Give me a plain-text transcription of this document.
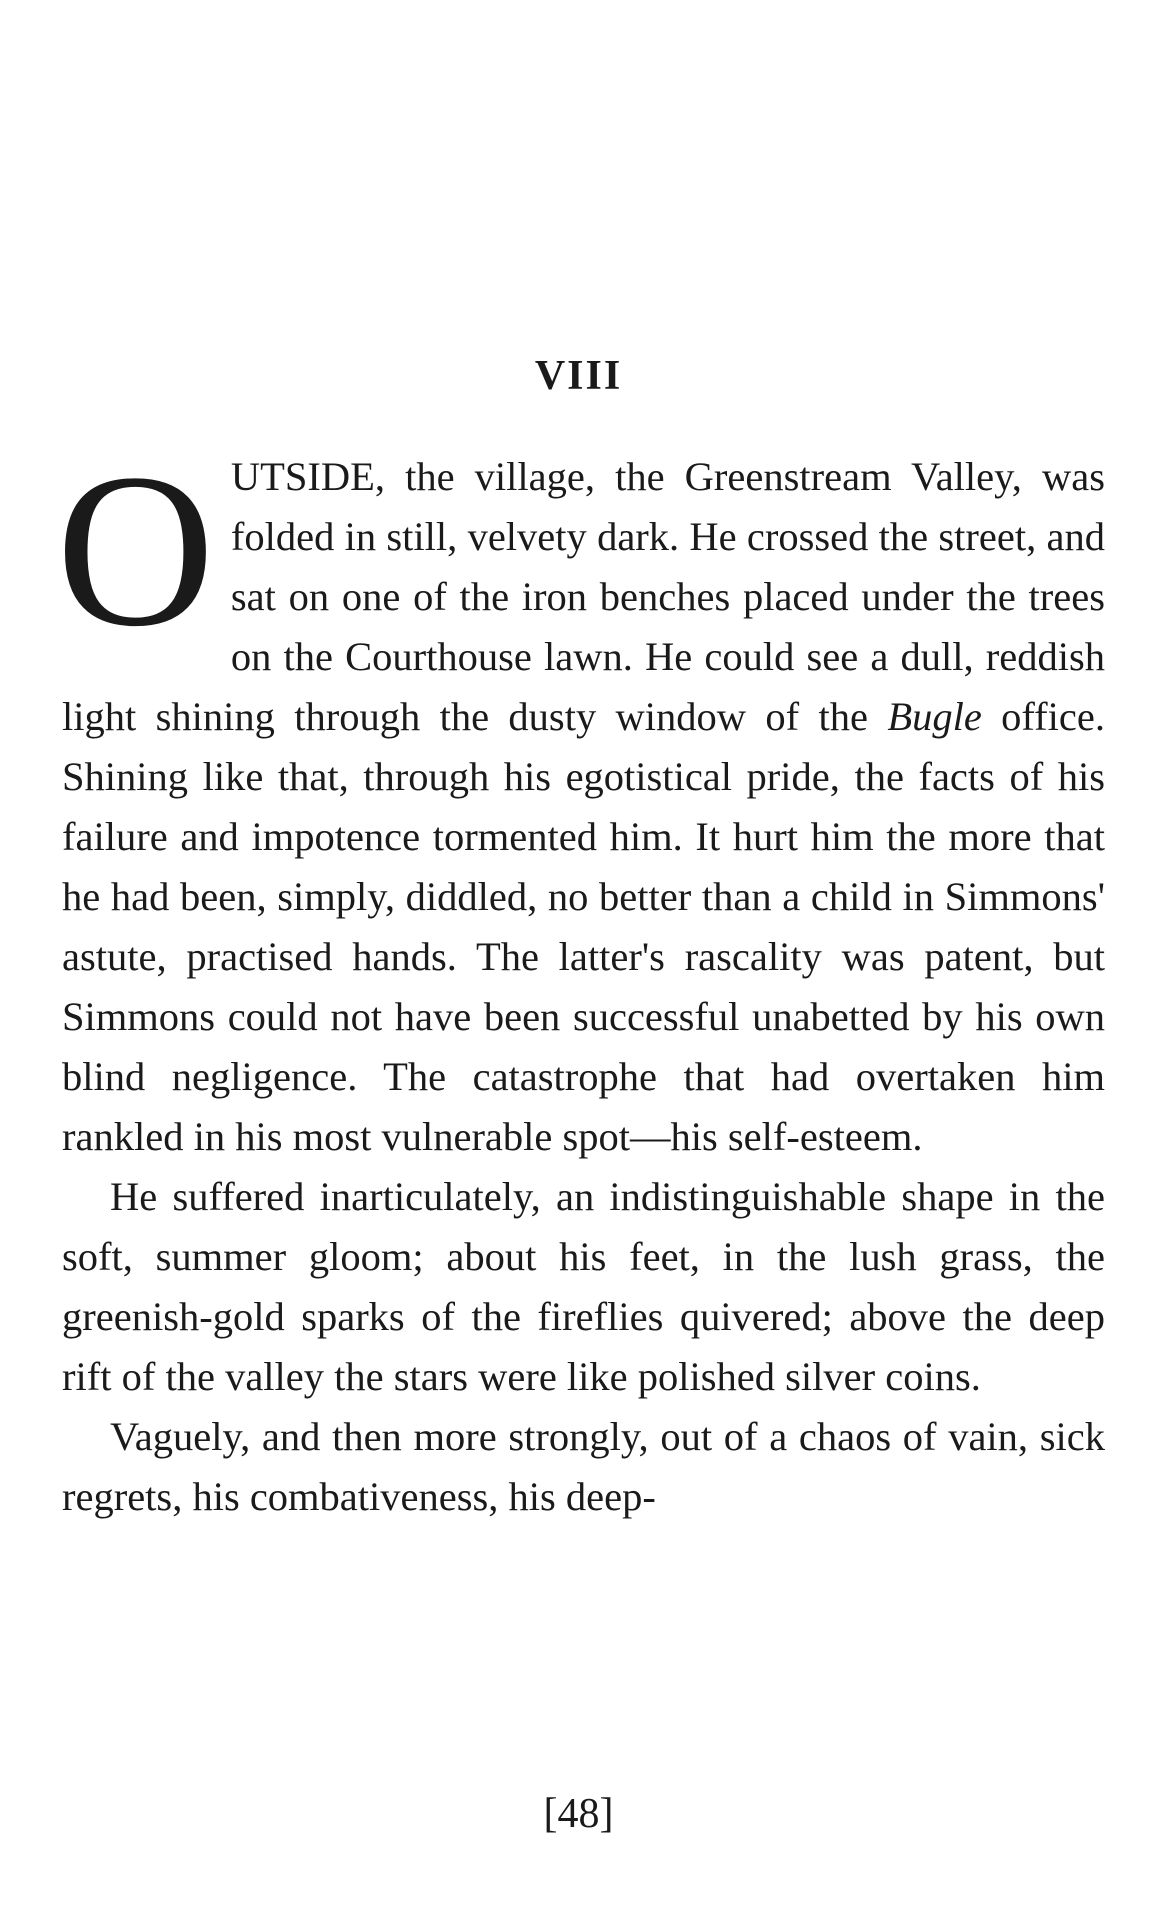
VIII

OUTSIDE, the village, the Greenstream Valley, was folded in still, velvety dark. He crossed the street, and sat on one of the iron benches placed under the trees on the Courthouse lawn. He could see a dull, reddish light shining through the dusty window of the Bugle office. Shining like that, through his egotistical pride, the facts of his failure and impotence tormented him. It hurt him the more that he had been, simply, diddled, no better than a child in Simmons' astute, practised hands. The latter's rascality was patent, but Simmons could not have been successful unabetted by his own blind negligence. The catastrophe that had overtaken him rankled in his most vulnerable spot—his self-esteem.

He suffered inarticulately, an indistinguishable shape in the soft, summer gloom; about his feet, in the lush grass, the greenish-gold sparks of the fireflies quivered; above the deep rift of the valley the stars were like polished silver coins.

Vaguely, and then more strongly, out of a chaos of vain, sick regrets, his combativeness, his deep-

[48]
